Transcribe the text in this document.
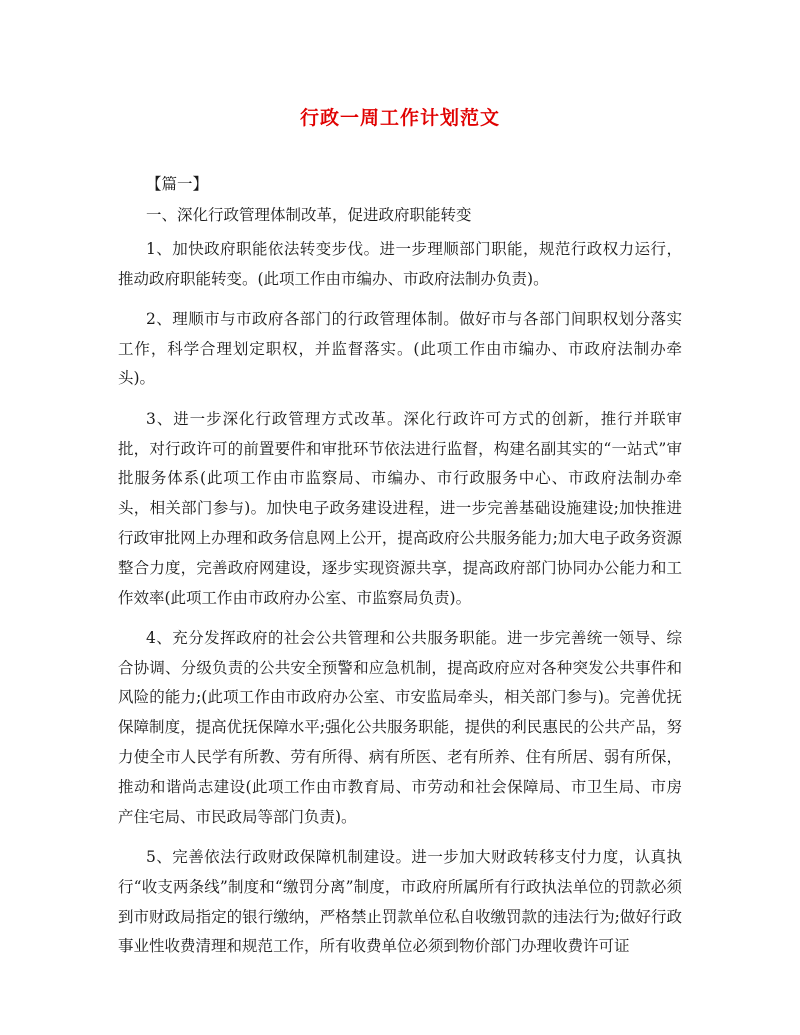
行政一周工作计划范文

【篇一】

一、深化行政管理体制改革，促进政府职能转变

1、加快政府职能依法转变步伐。进一步理顺部门职能，规范行政权力运行，推动政府职能转变。(此项工作由市编办、市政府法制办负责)。

2、理顺市与市政府各部门的行政管理体制。做好市与各部门间职权划分落实工作，科学合理划定职权，并监督落实。(此项工作由市编办、市政府法制办牵头)。

3、进一步深化行政管理方式改革。深化行政许可方式的创新，推行并联审批，对行政许可的前置要件和审批环节依法进行监督，构建名副其实的“一站式”审批服务体系(此项工作由市监察局、市编办、市行政服务中心、市政府法制办牵头，相关部门参与)。加快电子政务建设进程，进一步完善基础设施建设;加快推进行政审批网上办理和政务信息网上公开，提高政府公共服务能力;加大电子政务资源整合力度，完善政府网建设，逐步实现资源共享，提高政府部门协同办公能力和工作效率(此项工作由市政府办公室、市监察局负责)。

4、充分发挥政府的社会公共管理和公共服务职能。进一步完善统一领导、综合协调、分级负责的公共安全预警和应急机制，提高政府应对各种突发公共事件和风险的能力;(此项工作由市政府办公室、市安监局牵头，相关部门参与)。完善优抚保障制度，提高优抚保障水平;强化公共服务职能，提供的利民惠民的公共产品，努力使全市人民学有所教、劳有所得、病有所医、老有所养、住有所居、弱有所保，推动和谐尚志建设(此项工作由市教育局、市劳动和社会保障局、市卫生局、市房产住宅局、市民政局等部门负责)。

5、完善依法行政财政保障机制建设。进一步加大财政转移支付力度，认真执行“收支两条线”制度和“缴罚分离”制度，市政府所属所有行政执法单位的罚款必须到市财政局指定的银行缴纳，严格禁止罚款单位私自收缴罚款的违法行为;做好行政事业性收费清理和规范工作，所有收费单位必须到物价部门办理收费许可证
